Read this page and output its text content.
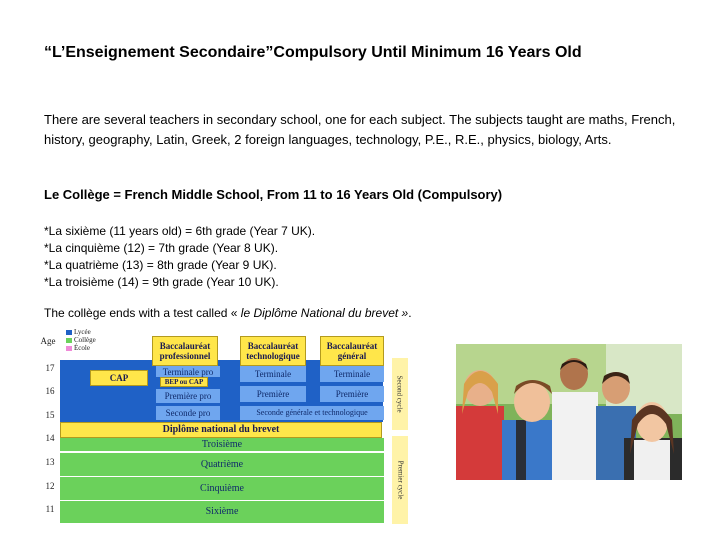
“L’Enseignement Secondaire”Compulsory Until Minimum 16 Years Old
There are several teachers in secondary school, one for each subject. The subjects taught are maths, French, history, geography, Latin, Greek, 2 foreign languages, technology, P.E., R.E., physics, biology, Arts.
Le Collège = French Middle School, From 11 to 16 Years Old (Compulsory)
*La sixième (11 years old) = 6th grade (Year 7 UK).
*La cinquième (12) = 7th grade (Year 8 UK).
*La quatrième (13) = 8th grade (Year 9 UK).
*La troisième (14) = 9th grade (Year 10 UK).
The collège ends with a test called « le Diplôme National du brevet ».
Lycée
Collège
École
Age
17
16
15
14
13
12
11
Baccalauréat professionnel
Baccalauréat technologique
Baccalauréat général
CAP
Terminale pro
BEP ou CAP
Première pro
Seconde pro
Terminale	Terminale
Première	Première
Seconde générale et technologique
Diplôme national du brevet
Troisième
Quatrième
Cinquième
Sixième
Second cycle
Premier cycle
